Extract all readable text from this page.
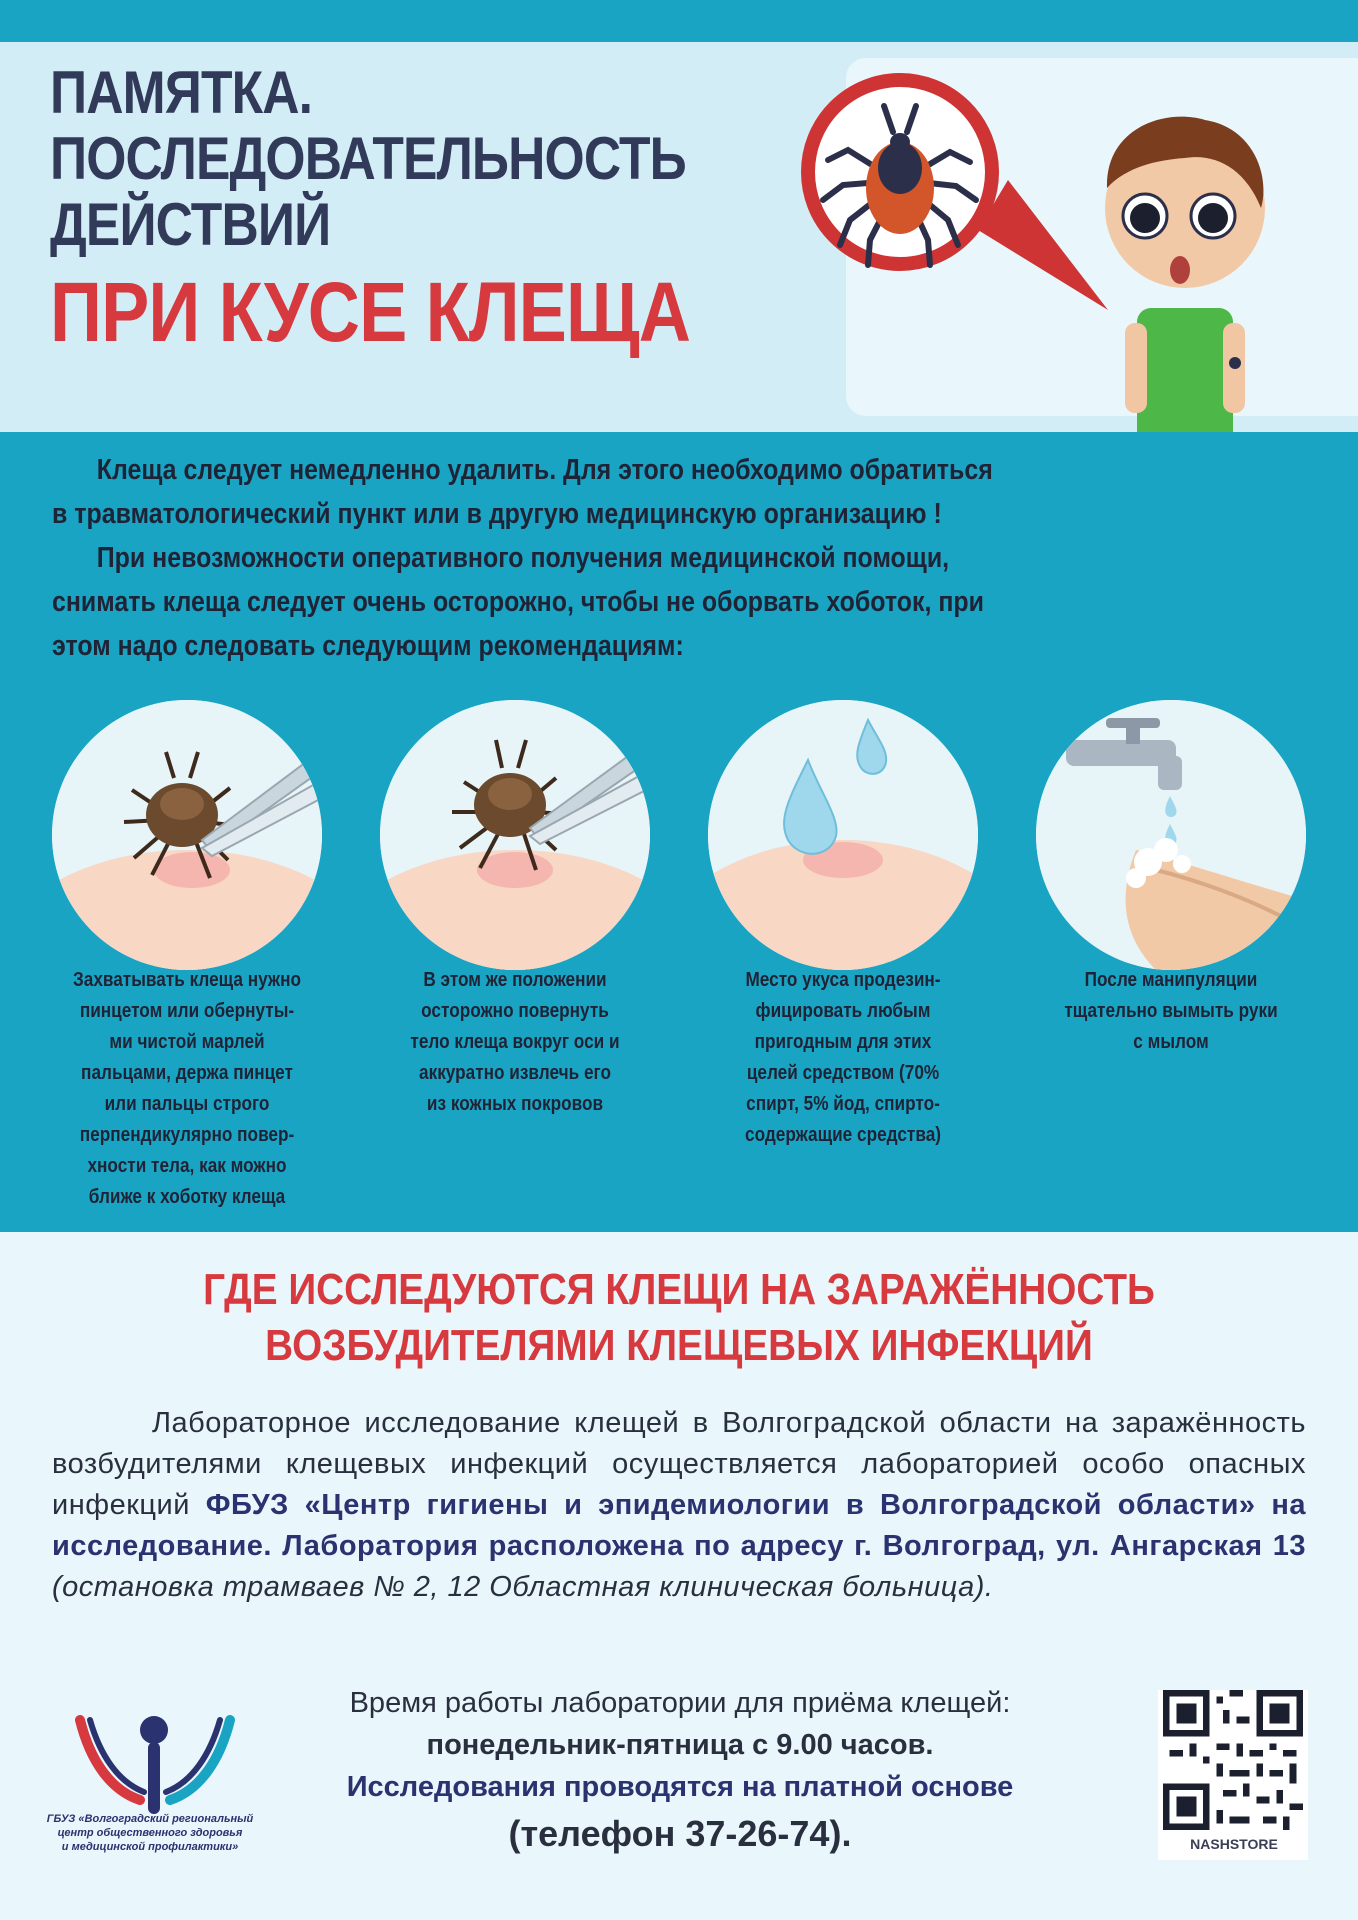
ПАМЯТКА.
ПОСЛЕДОВАТЕЛЬНОСТЬ
ДЕЙСТВИЙ
ПРИ КУСЕ КЛЕЩА

Клеща следует немедленно удалить. Для этого необходимо обратиться

в травматологический пункт или в другую медицинскую организацию !

При невозможности оперативного получения медицинской помощи,

снимать клеща следует очень осторожно, чтобы не оборвать хоботок, при

этом надо следовать следующим рекомендациям:

Захватывать клеща нужно
пинцетом или обернуты-
ми чистой марлей
пальцами, держа пинцет
или пальцы строго
перпендикулярно повер-
хности тела, как можно
ближе к хоботку клеща
В этом же положении
осторожно повернуть
тело клеща вокруг оси и
аккуратно извлечь его
из кожных покровов
Место укуса продезин-
фицировать любым
пригодным для этих
целей средством (70%
спирт, 5% йод, спирто-
содержащие средства)
После манипуляции
тщательно вымыть руки
с мылом
ГДЕ ИССЛЕДУЮТСЯ КЛЕЩИ НА ЗАРАЖЁННОСТЬ
ВОЗБУДИТЕЛЯМИ КЛЕЩЕВЫХ ИНФЕКЦИЙ
Лабораторное исследование клещей в Волгоградской области на заражённость возбудителями клещевых инфекций осуществляется лабораторией особо опасных инфекций ФБУЗ «Центр гигиены и эпидемиологии в Волгоградской области» на исследование. Лаборатория расположена по адресу г. Волгоград, ул. Ангарская 13 (остановка трамваев № 2, 12 Областная клиническая больница).
Время работы лаборатории для приёма клещей:
понедельник-пятница с 9.00 часов.
Исследования проводятся на платной основе
(телефон 37-26-74).
ГБУЗ «Волгоградский региональный
центр общественного здоровья
и медицинской профилактики»	NASHSTORE
